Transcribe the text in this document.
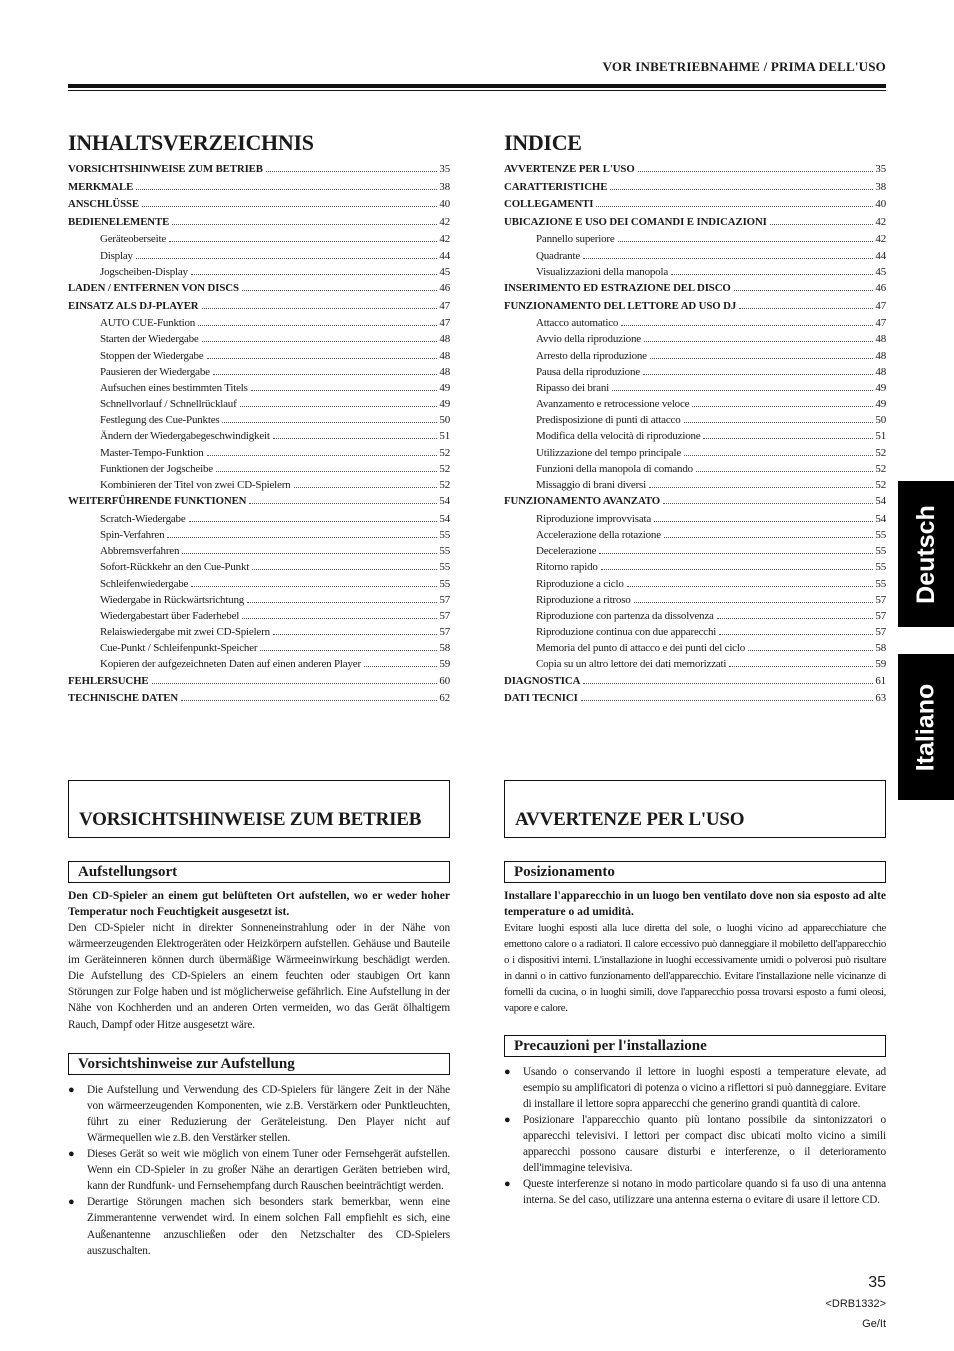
VOR INBETRIEBNAHME / PRIMA DELL'USO
INHALTSVERZEICHNIS
VORSICHTSHINWEISE ZUM BETRIEB	35
MERKMALE	38
ANSCHLÜSSE	40
BEDIENELEMENTE	42
Geräteoberseite	42
Display	44
Jogscheiben-Display	45
LADEN / ENTFERNEN VON DISCS	46
EINSATZ ALS DJ-PLAYER	47
AUTO CUE-Funktion	47
Starten der Wiedergabe	48
Stoppen der Wiedergabe	48
Pausieren der Wiedergabe	48
Aufsuchen eines bestimmten Titels	49
Schnellvorlauf / Schnellrücklauf	49
Festlegung des Cue-Punktes	50
Ändern der Wiedergabegeschwindigkeit	51
Master-Tempo-Funktion	52
Funktionen der Jogscheibe	52
Kombinieren der Titel von zwei CD-Spielern	52
WEITERFÜHRENDE FUNKTIONEN	54
Scratch-Wiedergabe	54
Spin-Verfahren	55
Abbremsverfahren	55
Sofort-Rückkehr an den Cue-Punkt	55
Schleifenwiedergabe	55
Wiedergabe in Rückwärtsrichtung	57
Wiedergabestart über Faderhebel	57
Relaiswiedergabe mit zwei CD-Spielern	57
Cue-Punkt / Schleifenpunkt-Speicher	58
Kopieren der aufgezeichneten Daten auf einen anderen Player	59
FEHLERSUCHE	60
TECHNISCHE DATEN	62
INDICE
AVVERTENZE PER L'USO	35
CARATTERISTICHE	38
COLLEGAMENTI	40
UBICAZIONE E USO DEI COMANDI E INDICAZIONI	42
Pannello superiore	42
Quadrante	44
Visualizzazioni della manopola	45
INSERIMENTO ED ESTRAZIONE DEL DISCO	46
FUNZIONAMENTO DEL LETTORE AD USO DJ	47
Attacco automatico	47
Avvio della riproduzione	48
Arresto della riproduzione	48
Pausa della riproduzione	48
Ripasso dei brani	49
Avanzamento e retrocessione veloce	49
Predisposizione di punti di attacco	50
Modifica della velocità di riproduzione	51
Utilizzazione del tempo principale	52
Funzioni della manopola di comando	52
Missaggio di brani diversi	52
FUNZIONAMENTO AVANZATO	54
Riproduzione improvvisata	54
Accelerazione della rotazione	55
Decelerazione	55
Ritorno rapido	55
Riproduzione a ciclo	55
Riproduzione a ritroso	57
Riproduzione con partenza da dissolvenza	57
Riproduzione continua con due apparecchi	57
Memoria del punto di attacco e dei punti del ciclo	58
Copia su un altro lettore dei dati memorizzati	59
DIAGNOSTICA	61
DATI TECNICI	63
Deutsch
Italiano
VORSICHTSHINWEISE ZUM BETRIEB
Aufstellungsort

Den CD-Spieler an einem gut belüfteten Ort aufstellen, wo er weder hoher Temperatur noch Feuchtigkeit ausgesetzt ist.

Den CD-Spieler nicht in direkter Sonneneinstrahlung oder in der Nähe von wärmeerzeugenden Elektrogeräten oder Heizkörpern aufstellen. Gehäuse und Bauteile im Geräteinneren können durch übermäßige Wärmeeinwirkung beschädigt werden. Die Aufstellung des CD-Spielers an einem feuchten oder staubigen Ort kann Störungen zur Folge haben und ist möglicherweise gefährlich. Eine Aufstellung in der Nähe von Kochherden und an anderen Orten vermeiden, wo das Gerät ölhaltigem Rauch, Dampf oder Hitze ausgesetzt wäre.

Vorsichtshinweise zur Aufstellung
● Die Aufstellung und Verwendung des CD-Spielers für längere Zeit in der Nähe von wärmeerzeugenden Komponenten, wie z.B. Verstärkern oder Punktleuchten, führt zu einer Reduzierung der Geräteleistung. Den Player nicht auf Wärmequellen wie z.B. den Verstärker stellen.
● Dieses Gerät so weit wie möglich von einem Tuner oder Fernsehgerät aufstellen. Wenn ein CD-Spieler in zu großer Nähe an derartigen Geräten betrieben wird, kann der Rundfunk- und Fernsehempfang durch Rauschen beeinträchtigt werden.
● Derartige Störungen machen sich besonders stark bemerkbar, wenn eine Zimmerantenne verwendet wird. In einem solchen Fall empfiehlt es sich, eine Außenantenne anzuschließen oder den Netzschalter des CD-Spielers auszuschalten.
AVVERTENZE PER L'USO
Posizionamento

Installare l'apparecchio in un luogo ben ventilato dove non sia esposto ad alte temperature o ad umidità.

Evitare luoghi esposti alla luce diretta del sole, o luoghi vicino ad apparecchiature che emettono calore o a radiatori. Il calore eccessivo può danneggiare il mobiletto dell'apparecchio o i dispositivi interni. L'installazione in luoghi eccessivamente umidi o polverosi può risultare in danni o in cattivo funzionamento dell'apparecchio. Evitare l'installazione nelle vicinanze di fornelli da cucina, o in luoghi simili, dove l'apparecchio possa trovarsi esposto a fumi oleosi, vapore e calore.

Precauzioni per l'installazione
● Usando o conservando il lettore in luoghi esposti a temperature elevate, ad esempio su amplificatori di potenza o vicino a riflettori si può danneggiare. Evitare di installare il lettore sopra apparecchi che generino grandi quantità di calore.
● Posizionare l'apparecchio quanto più lontano possibile da sintonizzatori o apparecchi televisivi. I lettori per compact disc ubicati molto vicino a simili apparecchi possono causare disturbi e interferenze, o il deterioramento dell'immagine televisiva.
● Queste interferenze si notano in modo particolare quando si fa uso di una antenna interna. Se del caso, utilizzare una antenna esterna o evitare di usare il lettore CD.
35
<DRB1332>
Ge/It
